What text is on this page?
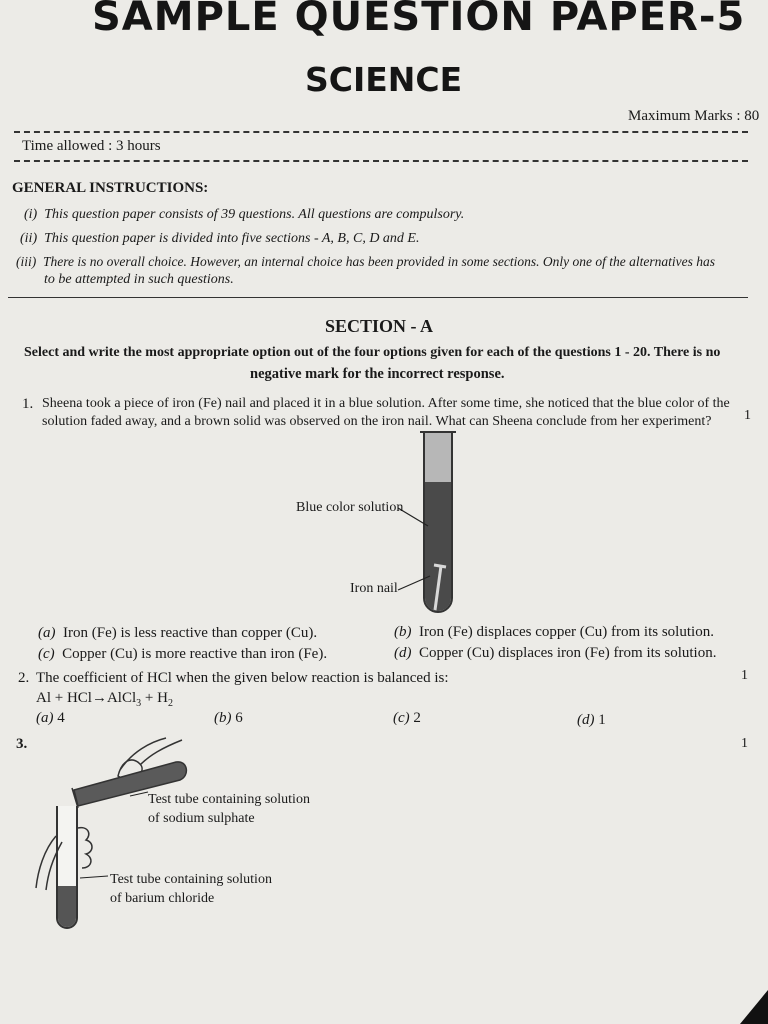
SAMPLE QUESTION PAPER-5
SCIENCE
Maximum Marks : 80
Time allowed : 3 hours
GENERAL INSTRUCTIONS:
(i) This question paper consists of 39 questions. All questions are compulsory.
(ii) This question paper is divided into five sections - A, B, C, D and E.
(iii) There is no overall choice. However, an internal choice has been provided in some sections. Only one of the alternatives has
to be attempted in such questions.
SECTION - A
Select and write the most appropriate option out of the four options given for each of the questions 1 - 20. There is no
negative mark for the incorrect response.
1. Sheena took a piece of iron (Fe) nail and placed it in a blue solution. After some time, she noticed that the blue color of the
solution faded away, and a brown solid was observed on the iron nail. What can Sheena conclude from her experiment? 1
Blue color solution
Iron nail
(a) Iron (Fe) is less reactive than copper (Cu).	(b) Iron (Fe) displaces copper (Cu) from its solution.
(c) Copper (Cu) is more reactive than iron (Fe).	(d) Copper (Cu) displaces iron (Fe) from its solution.
2. The coefficient of HCl when the given below reaction is balanced is:	1
Al + HCl→AlCl$_3$ + $H_2$
(a) 4	(b) 6	(c) 2	(d) 1
3.	1
Test tube containing solution
of sodium sulphate
Test tube containing solution
of barium chloride
